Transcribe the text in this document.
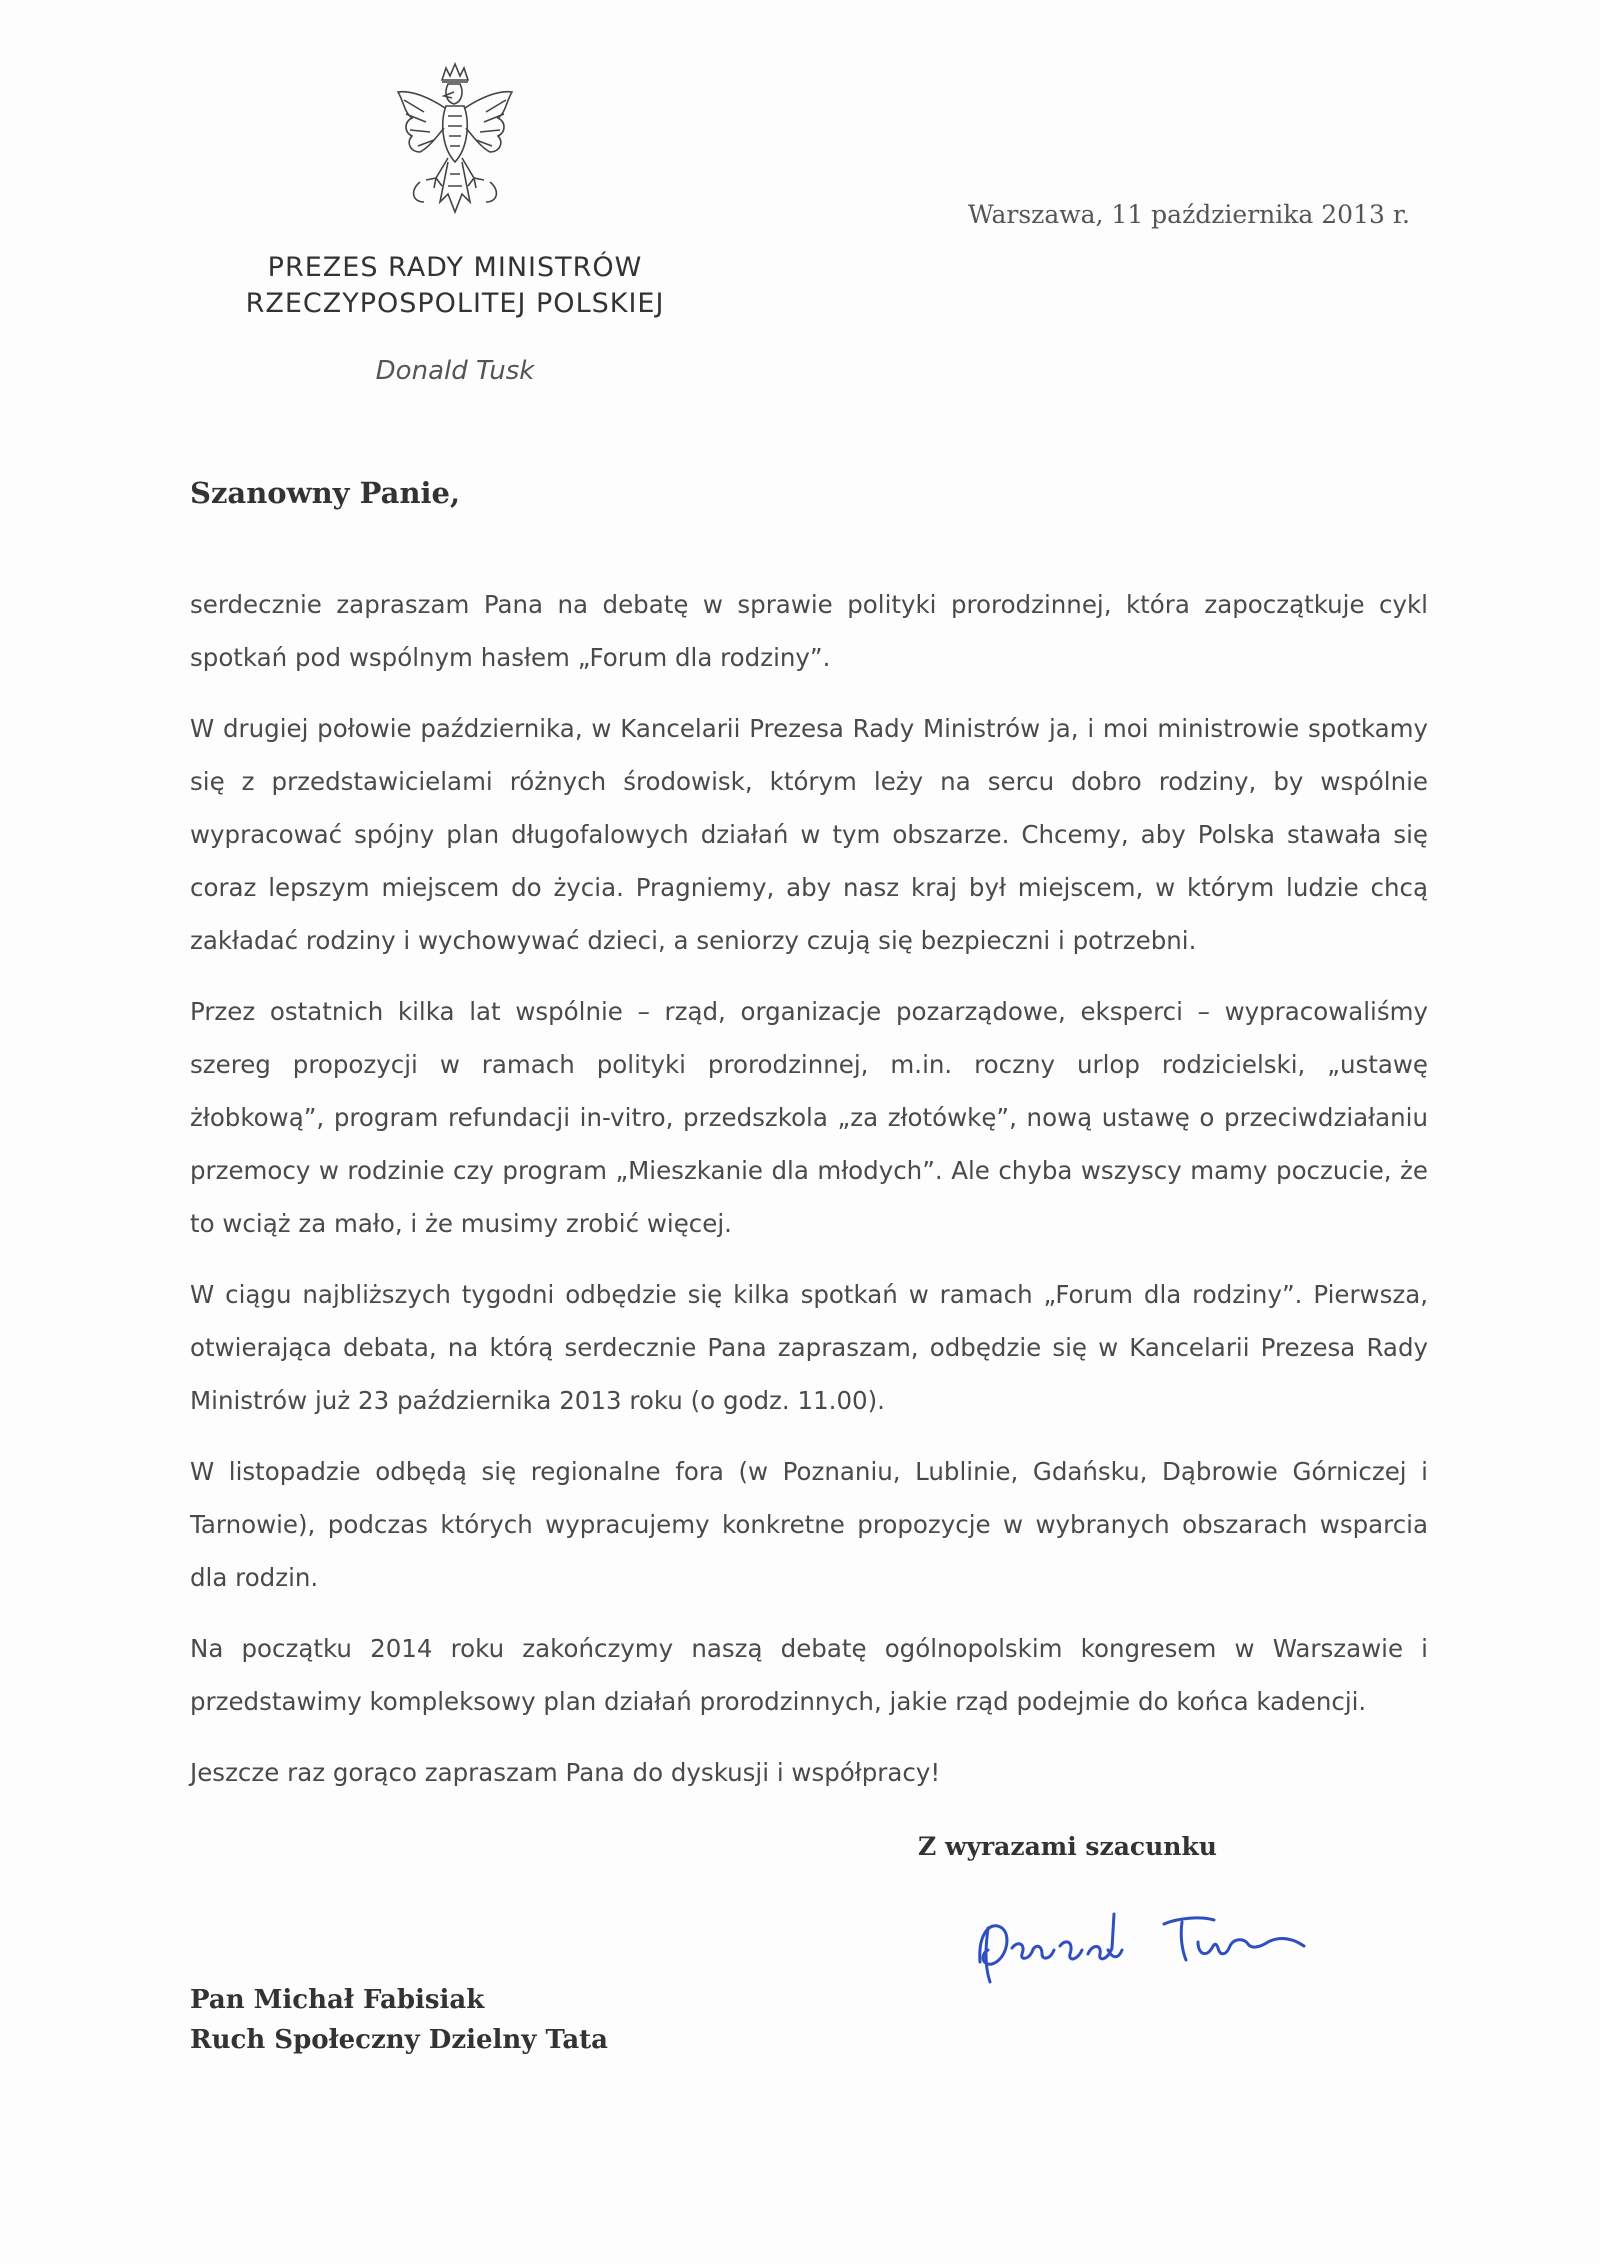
PREZES RADY MINISTRÓW
RZECZYPOSPOLITEJ POLSKIEJ
Donald Tusk
Warszawa, 11 października 2013 r.
Szanowny Panie,

serdecznie zapraszam Pana na debatę w sprawie polityki prorodzinnej, która zapoczątkuje cykl spotkań pod wspólnym hasłem „Forum dla rodziny”.

W drugiej połowie października, w Kancelarii Prezesa Rady Ministrów ja, i moi ministrowie spotkamy się z przedstawicielami różnych środowisk, którym leży na sercu dobro rodziny, by wspólnie wypracować spójny plan długofalowych działań w tym obszarze. Chcemy, aby Polska stawała się coraz lepszym miejscem do życia. Pragniemy, aby nasz kraj był miejscem, w którym ludzie chcą zakładać rodziny i wychowywać dzieci, a seniorzy czują się bezpieczni i potrzebni.

Przez ostatnich kilka lat wspólnie – rząd, organizacje pozarządowe, eksperci – wypracowaliśmy szereg propozycji w ramach polityki prorodzinnej, m.in. roczny urlop rodzicielski, „ustawę żłobkową”, program refundacji in-vitro, przedszkola „za złotówkę”, nową ustawę o przeciwdziałaniu przemocy w rodzinie czy program „Mieszkanie dla młodych”. Ale chyba wszyscy mamy poczucie, że to wciąż za mało, i że musimy zrobić więcej.

W ciągu najbliższych tygodni odbędzie się kilka spotkań w ramach „Forum dla rodziny”. Pierwsza, otwierająca debata, na którą serdecznie Pana zapraszam, odbędzie się w Kancelarii Prezesa Rady Ministrów już 23 października 2013 roku (o godz. 11.00).

W listopadzie odbędą się regionalne fora (w Poznaniu, Lublinie, Gdańsku, Dąbrowie Górniczej i Tarnowie), podczas których wypracujemy konkretne propozycje w wybranych obszarach wsparcia dla rodzin.

Na początku 2014 roku zakończymy naszą debatę ogólnopolskim kongresem w Warszawie i przedstawimy kompleksowy plan działań prorodzinnych, jakie rząd podejmie do końca kadencji.

Jeszcze raz gorąco zapraszam Pana do dyskusji i współpracy!

Z wyrazami szacunku
Pan Michał Fabisiak
Ruch Społeczny Dzielny Tata
